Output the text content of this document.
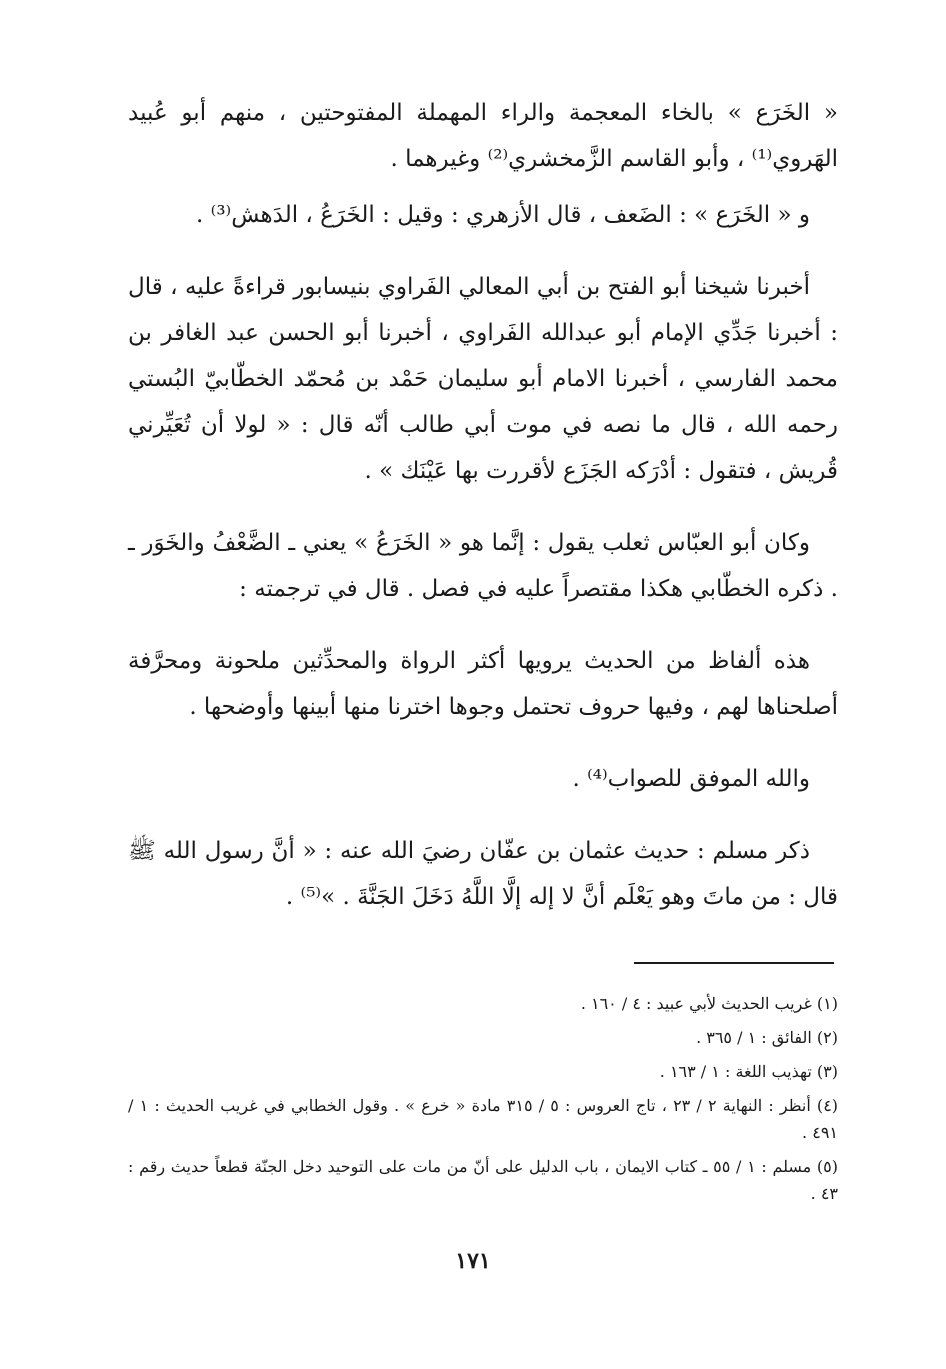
« الخَرَع » بالخاء المعجمة والراء المهملة المفتوحتين ، منهم أبو عُبيد الهَروي⁽¹⁾ ، وأبو القاسم الزَّمخشري⁽²⁾ وغيرهما .

و « الخَرَع » : الضَعف ، قال الأزهري : وقيل : الخَرَعُ ، الدَهش⁽³⁾ .

أخبرنا شيخنا أبو الفتح بن أبي المعالي الفَراوي بنيسابور قراءةً عليه ، قال : أخبرنا جَدِّي الإمام أبو عبدالله الفَراوي ، أخبرنا أبو الحسن عبد الغافر بن محمد الفارسي ، أخبرنا الامام أبو سليمان حَمْد بن مُحمّد الخطّابيّ البُستي رحمه الله ، قال ما نصه في موت أبي طالب أنّه قال : « لولا أن تُعَيِّرني قُريش ، فتقول : أدْرَكه الجَزَع لأقررت بها عَيْنَك » .

وكان أبو العبّاس ثعلب يقول : إنَّما هو « الخَرَعُ » يعني ـ الضَّعْفُ والخَوَر ـ . ذكره الخطّابي هكذا مقتصراً عليه في فصل . قال في ترجمته :

هذه ألفاظ من الحديث يرويها أكثر الرواة والمحدِّثين ملحونة ومحرَّفة أصلحناها لهم ، وفيها حروف تحتمل وجوها اخترنا منها أبينها وأوضحها .

والله الموفق للصواب⁽⁴⁾ .

ذكر مسلم : حديث عثمان بن عفّان رضيَ الله عنه : « أنَّ رسول الله ﷺ قال : من ماتَ وهو يَعْلَم أنَّ لا إله إلَّا اللَّهُ دَخَلَ الجَنَّةَ . »⁽⁵⁾ .

(١) غريب الحديث لأبي عبيد : ٤ / ١٦٠ .

(٢) الفائق : ١ / ٣٦٥ .

(٣) تهذيب اللغة : ١ / ١٦٣ .

(٤) أنظر : النهاية ٢ / ٢٣ ، تاج العروس : ٥ / ٣١٥ مادة « خرع » . وقول الخطابي في غريب الحديث : ١ / ٤٩١ .

(٥) مسلم : ١ / ٥٥ ـ كتاب الايمان ، باب الدليل على أنّ من مات على التوحيد دخل الجنّة قطعاً حديث رقم : ٤٣ .

١٧١
